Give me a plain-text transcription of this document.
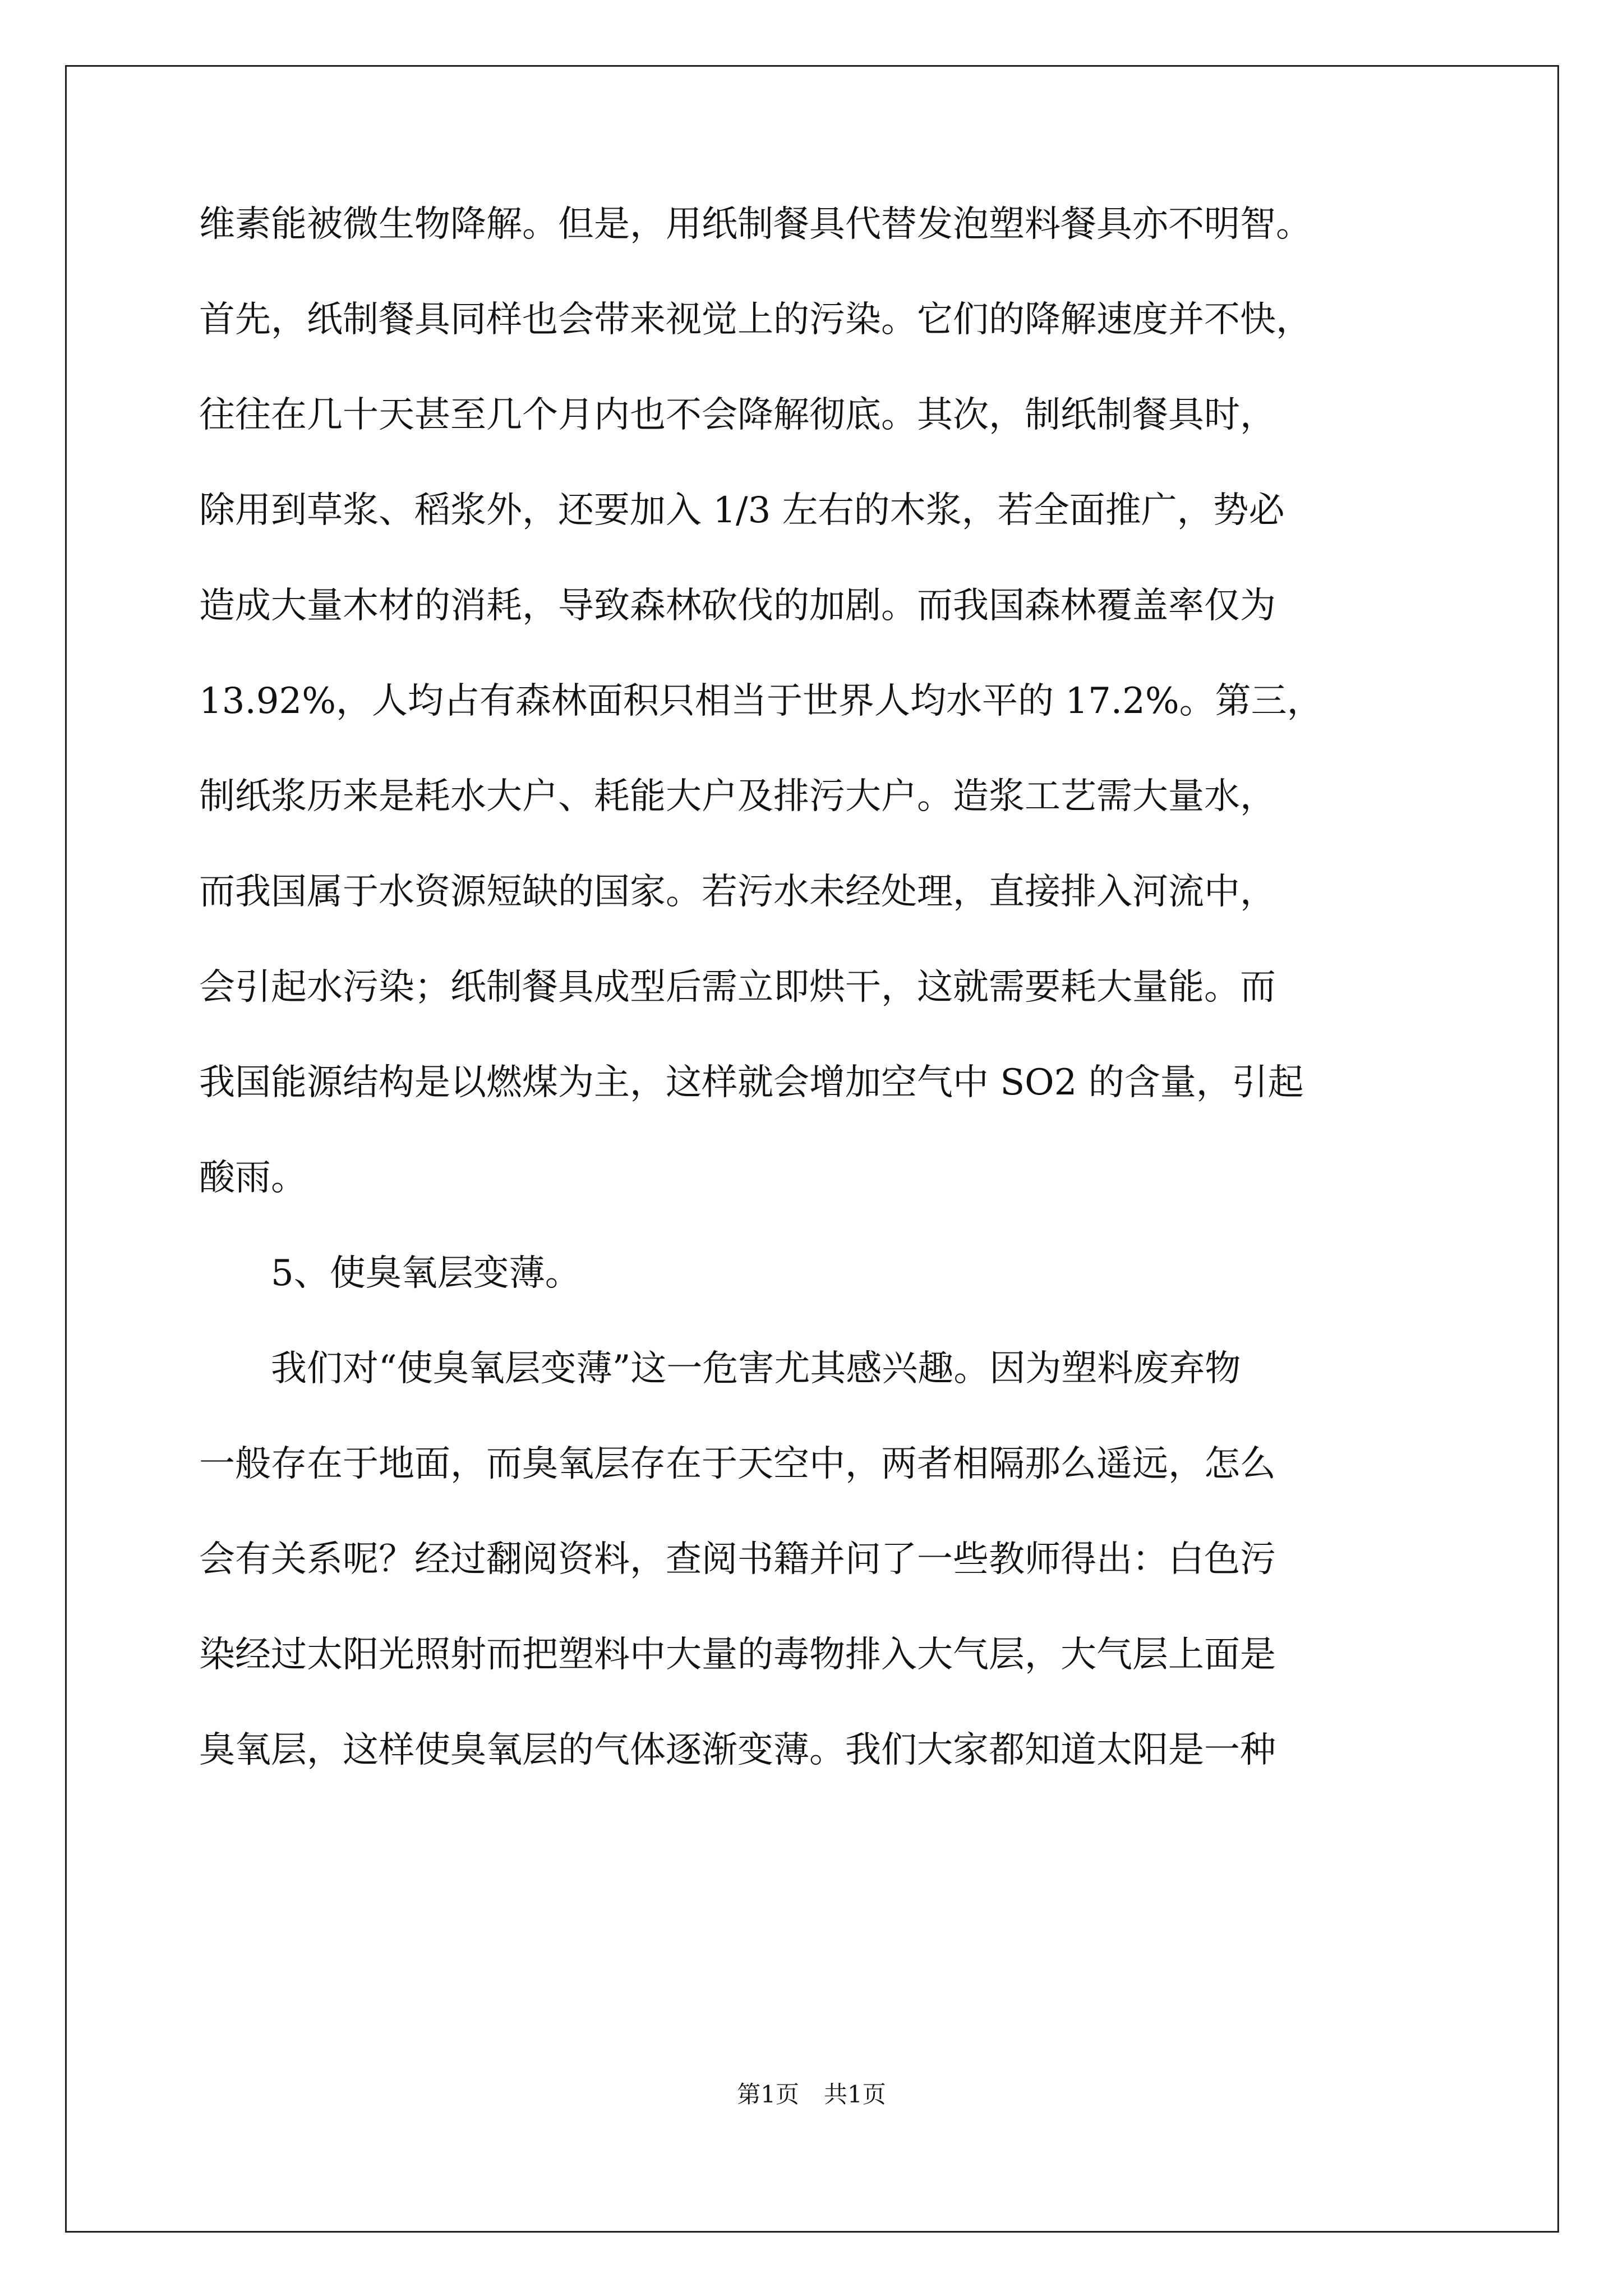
维素能被微生物降解。但是，用纸制餐具代替发泡塑料餐具亦不明智。
首先，纸制餐具同样也会带来视觉上的污染。它们的降解速度并不快，
往往在几十天甚至几个月内也不会降解彻底。其次，制纸制餐具时，
除用到草浆、稻浆外，还要加入 1/3 左右的木浆，若全面推广，势必
造成大量木材的消耗，导致森林砍伐的加剧。而我国森林覆盖率仅为
13.92%，人均占有森林面积只相当于世界人均水平的 17.2%。第三，
制纸浆历来是耗水大户、耗能大户及排污大户。造浆工艺需大量水，
而我国属于水资源短缺的国家。若污水未经处理，直接排入河流中，
会引起水污染；纸制餐具成型后需立即烘干，这就需要耗大量能。而
我国能源结构是以燃煤为主，这样就会增加空气中 SO2 的含量，引起
酸雨。
5、使臭氧层变薄。
我们对“使臭氧层变薄”这一危害尤其感兴趣。因为塑料废弃物
一般存在于地面，而臭氧层存在于天空中，两者相隔那么遥远，怎么
会有关系呢？经过翻阅资料，查阅书籍并问了一些教师得出：白色污
染经过太阳光照射而把塑料中大量的毒物排入大气层，大气层上面是
臭氧层，这样使臭氧层的气体逐渐变薄。我们大家都知道太阳是一种
第1页 共1页
